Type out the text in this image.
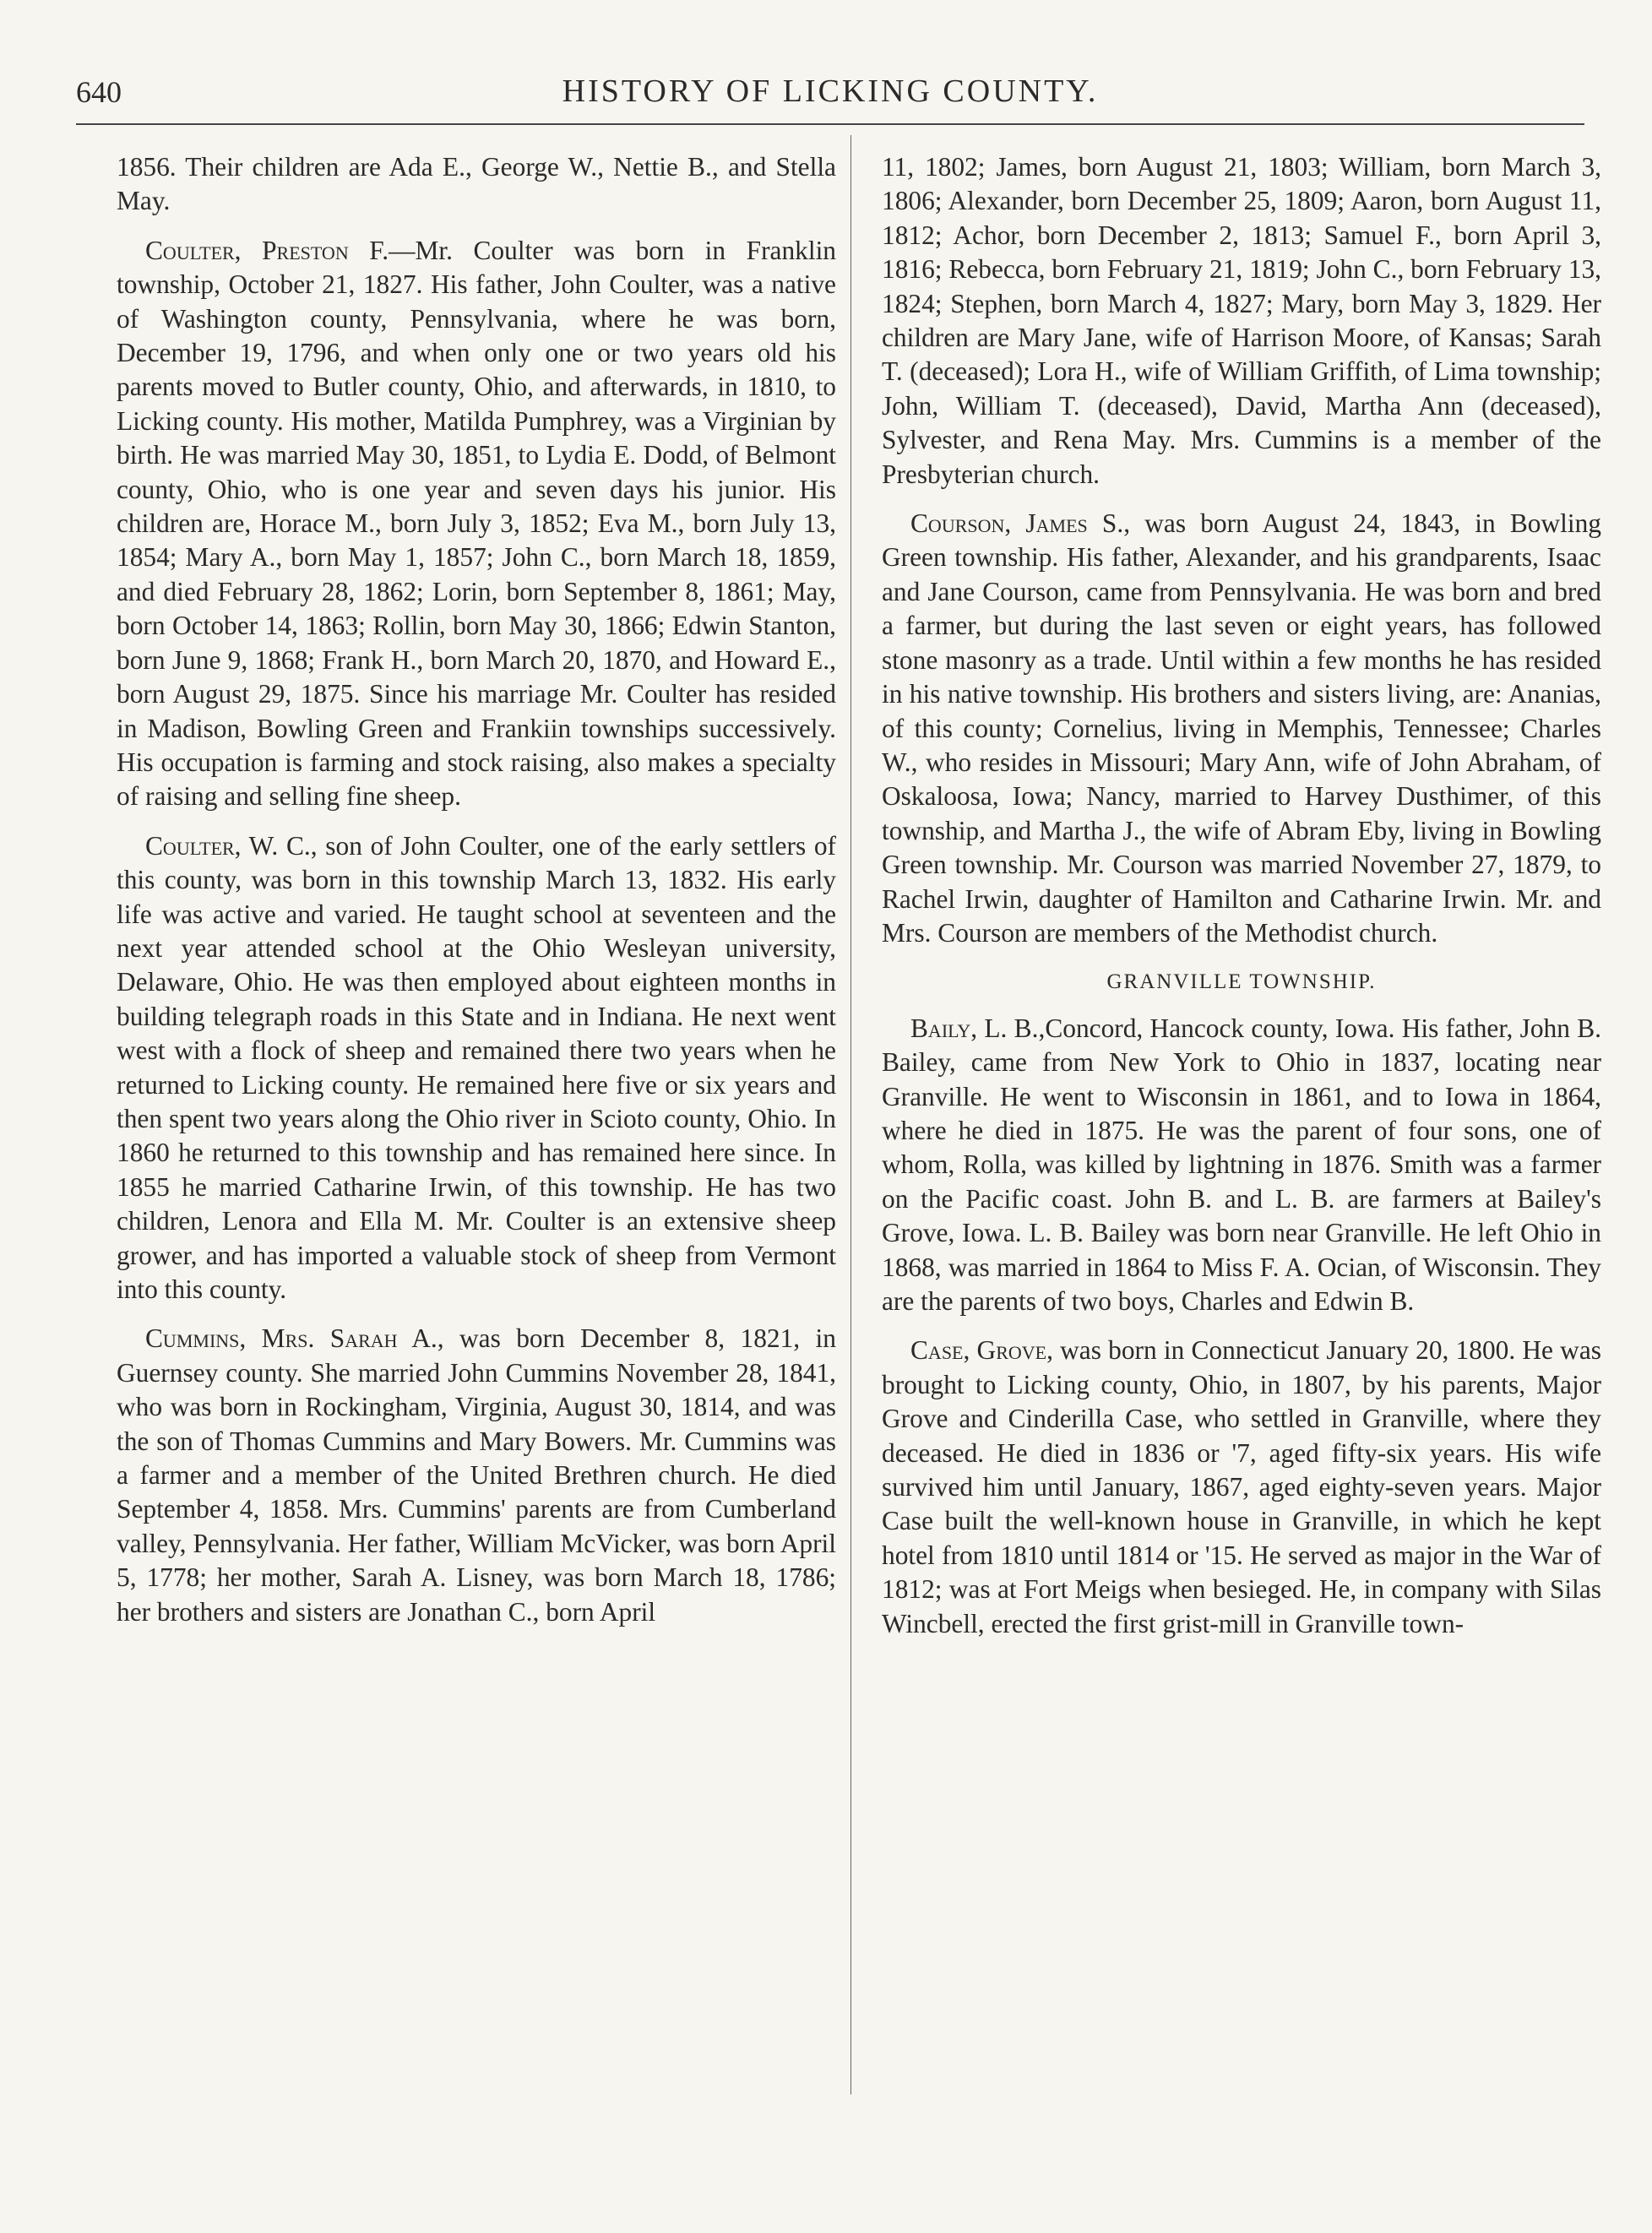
640	HISTORY OF LICKING COUNTY.

1856. Their children are Ada E., George W., Nettie B., and Stella May.

Coulter, Preston F.—Mr. Coulter was born in Franklin township, October 21, 1827. His father, John Coulter, was a native of Washington county, Pennsylvania, where he was born, December 19, 1796, and when only one or two years old his parents moved to Butler county, Ohio, and afterwards, in 1810, to Licking county. His mother, Matilda Pumphrey, was a Virginian by birth. He was married May 30, 1851, to Lydia E. Dodd, of Belmont county, Ohio, who is one year and seven days his junior. His children are, Horace M., born July 3, 1852; Eva M., born July 13, 1854; Mary A., born May 1, 1857; John C., born March 18, 1859, and died February 28, 1862; Lorin, born September 8, 1861; May, born October 14, 1863; Rollin, born May 30, 1866; Edwin Stanton, born June 9, 1868; Frank H., born March 20, 1870, and Howard E., born August 29, 1875. Since his marriage Mr. Coulter has resided in Madison, Bowling Green and Frankiin townships successively. His occupation is farming and stock raising, also makes a specialty of raising and selling fine sheep.

Coulter, W. C., son of John Coulter, one of the early settlers of this county, was born in this township March 13, 1832. His early life was active and varied. He taught school at seventeen and the next year attended school at the Ohio Wesleyan university, Delaware, Ohio. He was then employed about eighteen months in building telegraph roads in this State and in Indiana. He next went west with a flock of sheep and remained there two years when he returned to Licking county. He remained here five or six years and then spent two years along the Ohio river in Scioto county, Ohio. In 1860 he returned to this township and has remained here since. In 1855 he married Catharine Irwin, of this township. He has two children, Lenora and Ella M. Mr. Coulter is an extensive sheep grower, and has imported a valuable stock of sheep from Vermont into this county.

Cummins, Mrs. Sarah A., was born December 8, 1821, in Guernsey county. She married John Cummins November 28, 1841, who was born in Rockingham, Virginia, August 30, 1814, and was the son of Thomas Cummins and Mary Bowers. Mr. Cummins was a farmer and a member of the United Brethren church. He died September 4, 1858. Mrs. Cummins' parents are from Cumberland valley, Pennsylvania. Her father, William McVicker, was born April 5, 1778; her mother, Sarah A. Lisney, was born March 18, 1786; her brothers and sisters are Jonathan C., born April

11, 1802; James, born August 21, 1803; William, born March 3, 1806; Alexander, born December 25, 1809; Aaron, born August 11, 1812; Achor, born December 2, 1813; Samuel F., born April 3, 1816; Rebecca, born February 21, 1819; John C., born February 13, 1824; Stephen, born March 4, 1827; Mary, born May 3, 1829. Her children are Mary Jane, wife of Harrison Moore, of Kansas; Sarah T. (deceased); Lora H., wife of William Griffith, of Lima township; John, William T. (deceased), David, Martha Ann (deceased), Sylvester, and Rena May. Mrs. Cummins is a member of the Presbyterian church.

Courson, James S., was born August 24, 1843, in Bowling Green township. His father, Alexander, and his grandparents, Isaac and Jane Courson, came from Pennsylvania. He was born and bred a farmer, but during the last seven or eight years, has followed stone masonry as a trade. Until within a few months he has resided in his native township. His brothers and sisters living, are: Ananias, of this county; Cornelius, living in Memphis, Tennessee; Charles W., who resides in Missouri; Mary Ann, wife of John Abraham, of Oskaloosa, Iowa; Nancy, married to Harvey Dusthimer, of this township, and Martha J., the wife of Abram Eby, living in Bowling Green township. Mr. Courson was married November 27, 1879, to Rachel Irwin, daughter of Hamilton and Catharine Irwin. Mr. and Mrs. Courson are members of the Methodist church.

GRANVILLE TOWNSHIP.

Baily, L. B.,Concord, Hancock county, Iowa. His father, John B. Bailey, came from New York to Ohio in 1837, locating near Granville. He went to Wisconsin in 1861, and to Iowa in 1864, where he died in 1875. He was the parent of four sons, one of whom, Rolla, was killed by lightning in 1876. Smith was a farmer on the Pacific coast. John B. and L. B. are farmers at Bailey's Grove, Iowa. L. B. Bailey was born near Granville. He left Ohio in 1868, was married in 1864 to Miss F. A. Ocian, of Wisconsin. They are the parents of two boys, Charles and Edwin B.

Case, Grove, was born in Connecticut January 20, 1800. He was brought to Licking county, Ohio, in 1807, by his parents, Major Grove and Cinderilla Case, who settled in Granville, where they deceased. He died in 1836 or '7, aged fifty-six years. His wife survived him until January, 1867, aged eighty-seven years. Major Case built the well-known house in Granville, in which he kept hotel from 1810 until 1814 or '15. He served as major in the War of 1812; was at Fort Meigs when besieged. He, in company with Silas Wincbell, erected the first grist-mill in Granville town-
